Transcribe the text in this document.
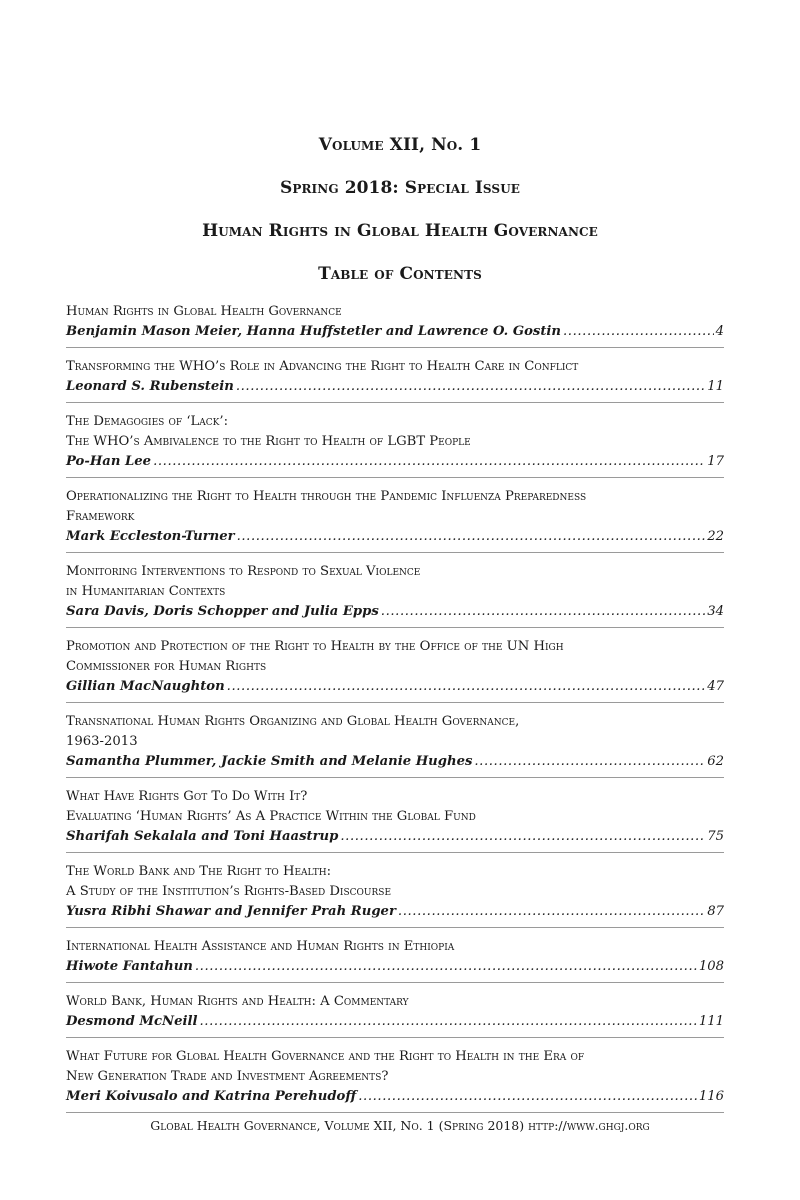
Volume XII, No. 1
Spring 2018: Special Issue
Human Rights in Global Health Governance
Table of Contents
Human Rights in Global Health Governance
Benjamin Mason Meier, Hanna Huffstetler and Lawrence O. Gostin .....	4
Transforming the WHO’s Role in Advancing the Right to Health Care in Conflict
Leonard S. Rubenstein .....	11
The Demagogies of ‘Lack’:
The WHO’s Ambivalence to the Right to Health of LGBT People
Po-Han Lee .....	17
Operationalizing the Right to Health through the Pandemic Influenza Preparedness
Framework
Mark Eccleston-Turner .....	22
Monitoring Interventions to Respond to Sexual Violence
in Humanitarian Contexts
Sara Davis, Doris Schopper and Julia Epps .....	34
Promotion and Protection of the Right to Health by the Office of the UN High
Commissioner for Human Rights
Gillian MacNaughton .....	47
Transnational Human Rights Organizing and Global Health Governance,
1963-2013
Samantha Plummer, Jackie Smith and Melanie Hughes .....	62
What Have Rights Got To Do With It?
Evaluating ‘Human Rights’ As A Practice Within the Global Fund
Sharifah Sekalala and Toni Haastrup .....	75
The World Bank and The Right to Health:
A Study of the Institution’s Rights-Based Discourse
Yusra Ribhi Shawar and Jennifer Prah Ruger .....	87
International Health Assistance and Human Rights in Ethiopia
Hiwote Fantahun .....	108
World Bank, Human Rights and Health: A Commentary
Desmond McNeill .....	111
What Future for Global Health Governance and the Right to Health in the Era of
New Generation Trade and Investment Agreements?
Meri Koivusalo and Katrina Perehudoff .....	116
Global Health Governance, Volume XII, No. 1 (Spring 2018) http://www.ghgj.org
